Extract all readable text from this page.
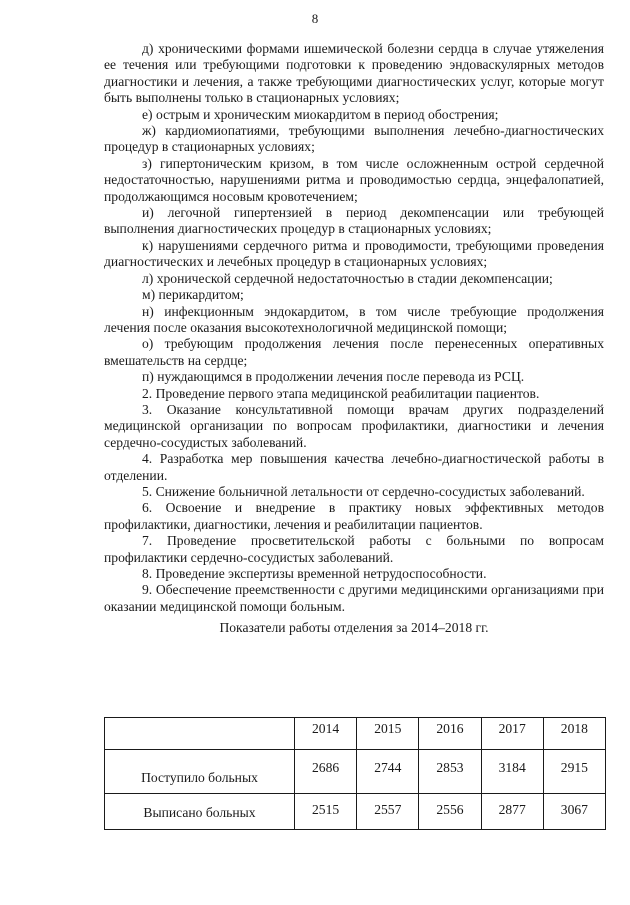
8

д) хроническими формами ишемической болезни сердца в случае утяжеления ее течения или требующими подготовки к проведению эндоваскулярных методов диагностики и лечения, а также требующими диагностических услуг, которые могут быть выполнены только в стационарных условиях;

е) острым и хроническим миокардитом в период обострения;

ж) кардиомиопатиями, требующими выполнения лечебно-диагностических процедур в стационарных условиях;

з) гипертоническим кризом, в том числе осложненным острой сердечной недостаточностью, нарушениями ритма и проводимостью сердца, энцефалопатией, продолжающимся носовым кровотечением;

и) легочной гипертензией в период декомпенсации или требующей выполнения диагностических процедур в стационарных условиях;

к) нарушениями сердечного ритма и проводимости, требующими проведения диагностических и лечебных процедур в стационарных условиях;

л) хронической сердечной недостаточностью в стадии декомпенсации;

м) перикардитом;

н) инфекционным эндокардитом, в том числе требующие продолжения лечения после оказания высокотехнологичной медицинской помощи;

о) требующим продолжения лечения после перенесенных оперативных вмешательств на сердце;

п) нуждающимся в продолжении лечения после перевода из РСЦ.

2. Проведение первого этапа медицинской реабилитации пациентов.

3. Оказание консультативной помощи врачам других подразделений медицинской организации по вопросам профилактики, диагностики и лечения сердечно-сосудистых заболеваний.

4. Разработка мер повышения качества лечебно-диагностической работы в отделении.

5. Снижение больничной летальности от сердечно-сосудистых заболеваний.

6. Освоение и внедрение в практику новых эффективных методов профилактики, диагностики, лечения и реабилитации пациентов.

7. Проведение просветительской работы с больными по вопросам профилактики сердечно-сосудистых заболеваний.

8. Проведение экспертизы временной нетрудоспособности.

9. Обеспечение преемственности с другими медицинскими организациями при оказании медицинской помощи больным.

Показатели работы отделения за 2014–2018 гг.

	2014	2015	2016	2017	2018
Поступило больных	2686	2744	2853	3184	2915
Выписано больных	2515	2557	2556	2877	3067
